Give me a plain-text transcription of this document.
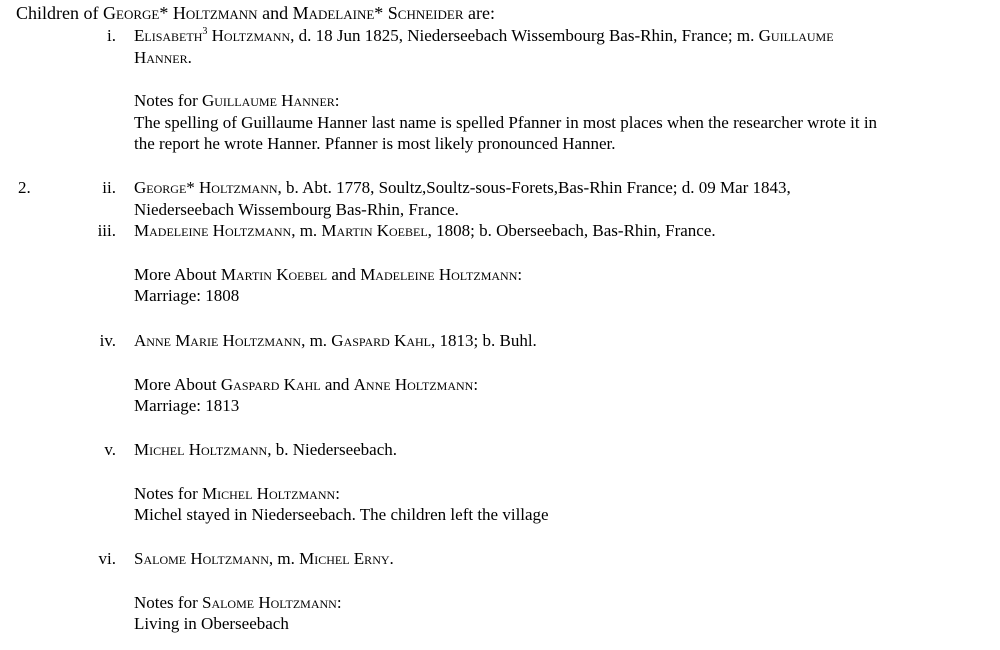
Children of George* Holtzmann and Madelaine* Schneider are:
i. Elisabeth$^3$ Holtzmann, d. 18 Jun 1825, Niederseebach Wissembourg Bas-Rhin, France; m. Guillaume
Hanner.
Notes for Guillaume Hanner:
The spelling of Guillaume Hanner last name is spelled Pfanner in most places when the researcher wrote it in
the report he wrote Hanner. Pfanner is most likely pronounced Hanner.
2.	ii. George* Holtzmann, b. Abt. 1778, Soultz,Soultz-sous-Forets,Bas-Rhin France; d. 09 Mar 1843,
Niederseebach Wissembourg Bas-Rhin, France.
iii. Madeleine Holtzmann, m. Martin Koebel, 1808; b. Oberseebach, Bas-Rhin, France.
More About Martin Koebel and Madeleine Holtzmann:
Marriage: 1808
iv. Anne Marie Holtzmann, m. Gaspard Kahl, 1813; b. Buhl.
More About Gaspard Kahl and Anne Holtzmann:
Marriage: 1813
v. Michel Holtzmann, b. Niederseebach.
Notes for Michel Holtzmann:
Michel stayed in Niederseebach. The children left the village
vi. Salome Holtzmann, m. Michel Erny.
Notes for Salome Holtzmann:
Living in Oberseebach
